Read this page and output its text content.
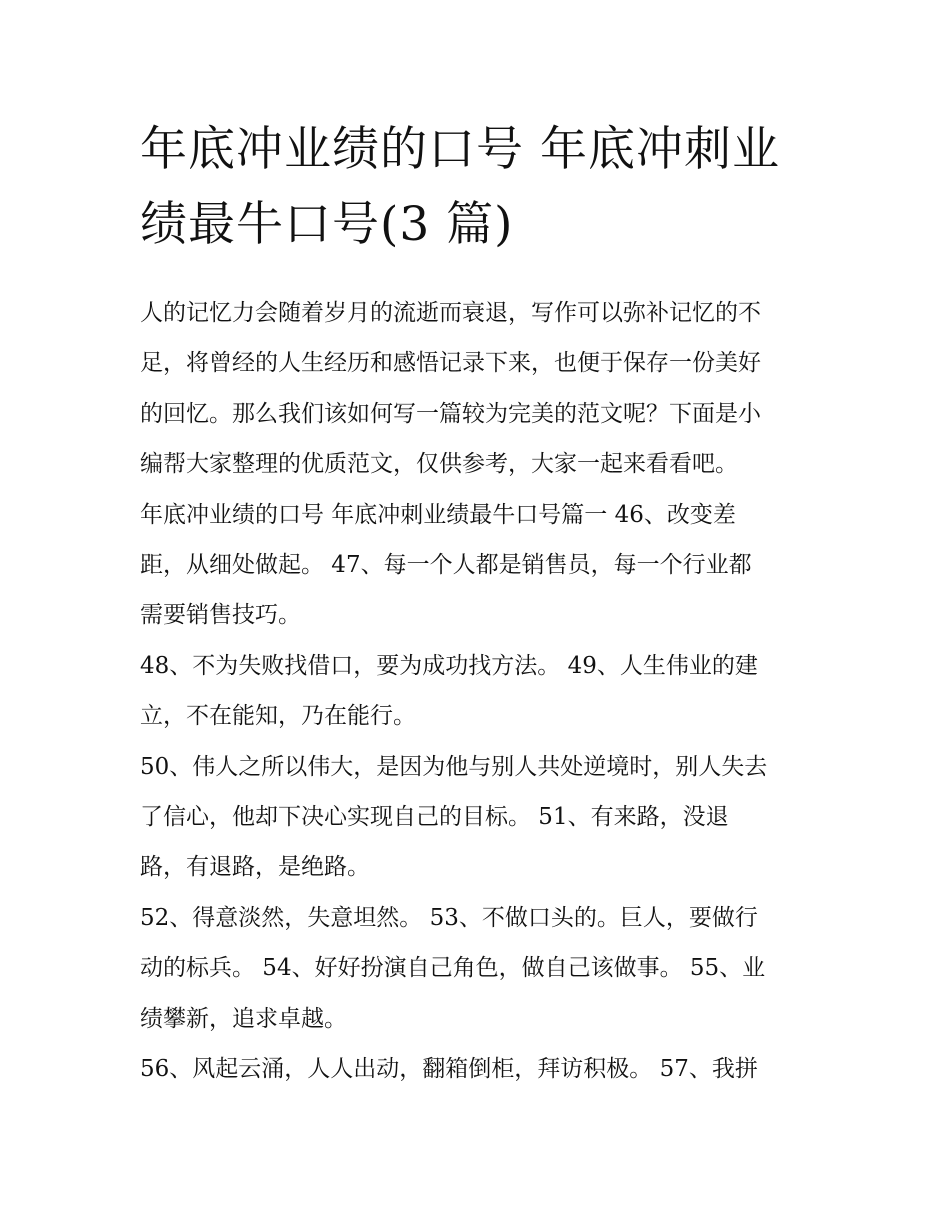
年底冲业绩的口号 年底冲刺业
绩最牛口号(3 篇)

人的记忆力会随着岁月的流逝而衰退，写作可以弥补记忆的不
足，将曾经的人生经历和感悟记录下来，也便于保存一份美好
的回忆。那么我们该如何写一篇较为完美的范文呢？下面是小
编帮大家整理的优质范文，仅供参考，大家一起来看看吧。

年底冲业绩的口号 年底冲刺业绩最牛口号篇一 46、改变差
距，从细处做起。 47、每一个人都是销售员，每一个行业都
需要销售技巧。

48、不为失败找借口，要为成功找方法。 49、人生伟业的建
立，不在能知，乃在能行。

50、伟人之所以伟大，是因为他与别人共处逆境时，别人失去
了信心，他却下决心实现自己的目标。 51、有来路，没退
路，有退路，是绝路。

52、得意淡然，失意坦然。 53、不做口头的。巨人，要做行
动的标兵。 54、好好扮演自己角色，做自己该做事。 55、业
绩攀新，追求卓越。

56、风起云涌，人人出动，翻箱倒柜，拜访积极。 57、我拼
